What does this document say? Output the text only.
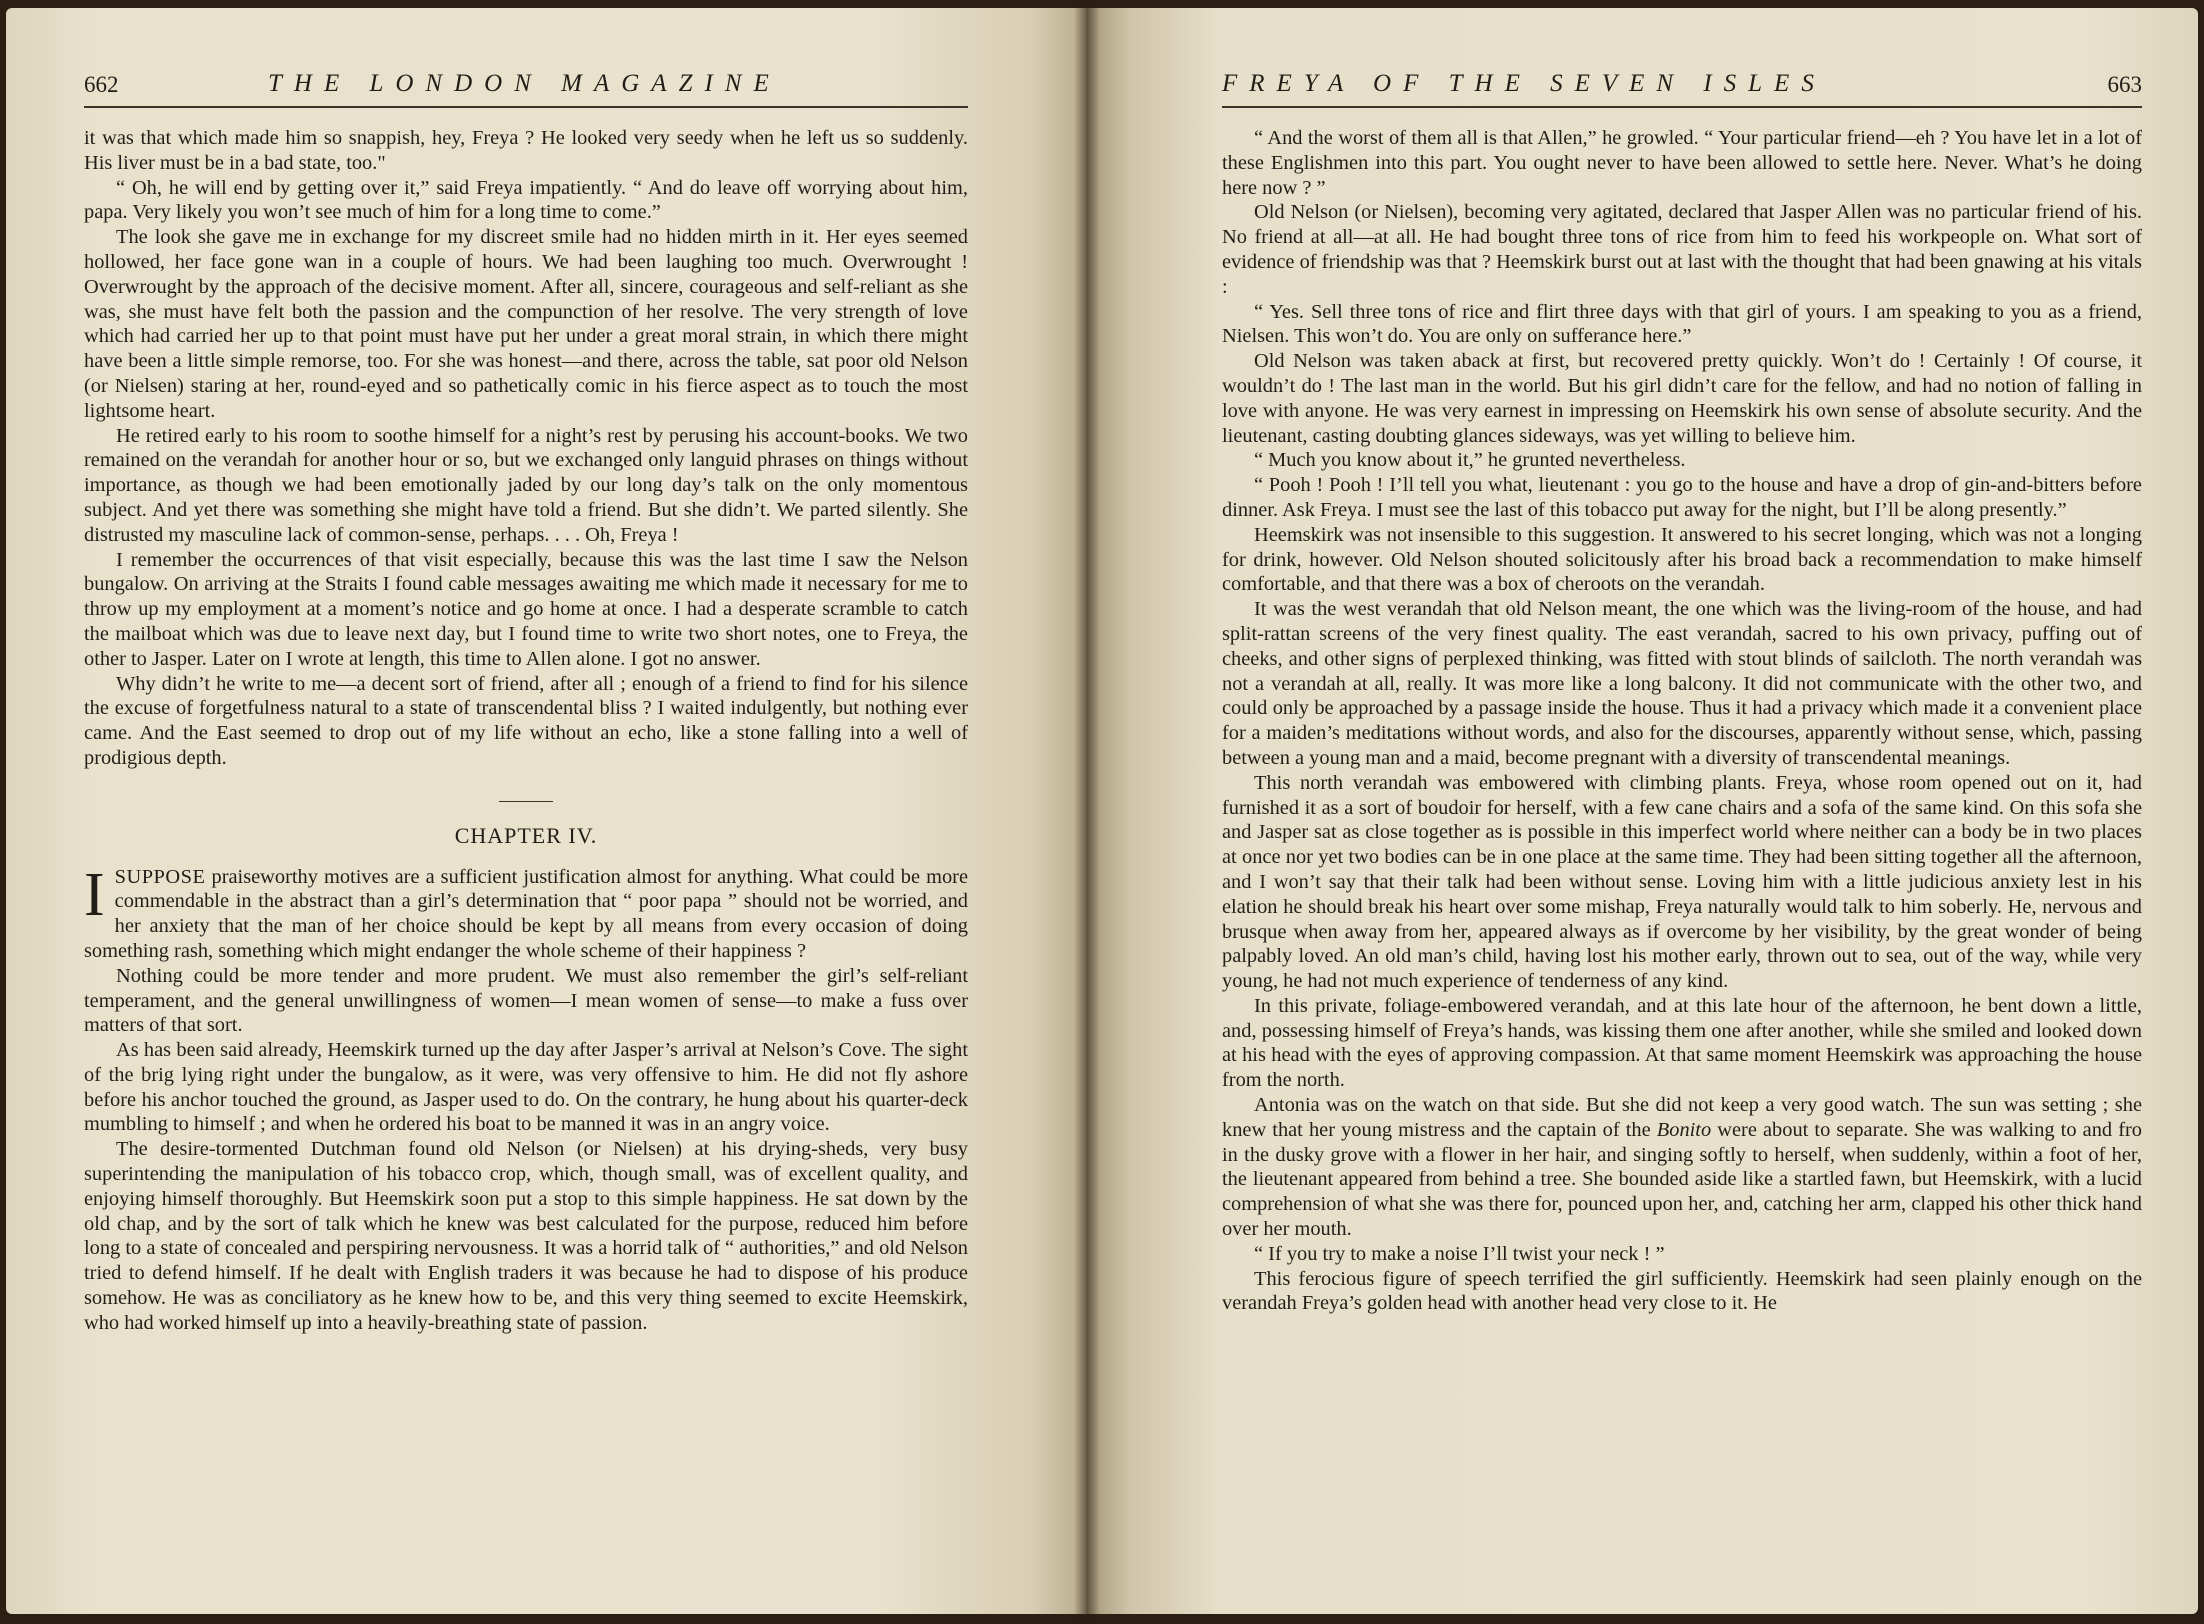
662	THE LONDON MAGAZINE

it was that which made him so snappish, hey, Freya ? He looked very seedy when he left us so suddenly. His liver must be in a bad state, too."

“ Oh, he will end by getting over it,” said Freya impatiently. “ And do leave off worrying about him, papa. Very likely you won’t see much of him for a long time to come.”

The look she gave me in exchange for my discreet smile had no hidden mirth in it. Her eyes seemed hollowed, her face gone wan in a couple of hours. We had been laughing too much. Overwrought ! Overwrought by the approach of the decisive moment. After all, sincere, courageous and self-reliant as she was, she must have felt both the passion and the compunction of her resolve. The very strength of love which had carried her up to that point must have put her under a great moral strain, in which there might have been a little simple remorse, too. For she was honest—and there, across the table, sat poor old Nelson (or Nielsen) staring at her, round-eyed and so pathetically comic in his fierce aspect as to touch the most lightsome heart.

He retired early to his room to soothe himself for a night’s rest by perusing his account-books. We two remained on the verandah for another hour or so, but we exchanged only languid phrases on things without importance, as though we had been emotionally jaded by our long day’s talk on the only momentous subject. And yet there was something she might have told a friend. But she didn’t. We parted silently. She distrusted my masculine lack of common-sense, perhaps. . . . Oh, Freya !

I remember the occurrences of that visit especially, because this was the last time I saw the Nelson bungalow. On arriving at the Straits I found cable messages awaiting me which made it necessary for me to throw up my employment at a moment’s notice and go home at once. I had a desperate scramble to catch the mailboat which was due to leave next day, but I found time to write two short notes, one to Freya, the other to Jasper. Later on I wrote at length, this time to Allen alone. I got no answer.

Why didn’t he write to me—a decent sort of friend, after all ; enough of a friend to find for his silence the excuse of forgetfulness natural to a state of transcendental bliss ? I waited indulgently, but nothing ever came. And the East seemed to drop out of my life without an echo, like a stone falling into a well of prodigious depth.

CHAPTER IV.

ISUPPOSE praiseworthy motives are a sufficient justification almost for anything. What could be more commendable in the abstract than a girl’s determination that “ poor papa ” should not be worried, and her anxiety that the man of her choice should be kept by all means from every occasion of doing something rash, something which might endanger the whole scheme of their happiness ?

Nothing could be more tender and more prudent. We must also remember the girl’s self-reliant temperament, and the general unwillingness of women—I mean women of sense—to make a fuss over matters of that sort.

As has been said already, Heemskirk turned up the day after Jasper’s arrival at Nelson’s Cove. The sight of the brig lying right under the bungalow, as it were, was very offensive to him. He did not fly ashore before his anchor touched the ground, as Jasper used to do. On the contrary, he hung about his quarter-deck mumbling to himself ; and when he ordered his boat to be manned it was in an angry voice.

The desire-tormented Dutchman found old Nelson (or Nielsen) at his drying-sheds, very busy superintending the manipulation of his tobacco crop, which, though small, was of excellent quality, and enjoying himself thoroughly. But Heemskirk soon put a stop to this simple happiness. He sat down by the old chap, and by the sort of talk which he knew was best calculated for the purpose, reduced him before long to a state of concealed and perspiring nervousness. It was a horrid talk of “ authorities,” and old Nelson tried to defend himself. If he dealt with English traders it was because he had to dispose of his produce somehow. He was as conciliatory as he knew how to be, and this very thing seemed to excite Heemskirk, who had worked himself up into a heavily-breathing state of passion.

FREYA OF THE SEVEN ISLES	663

“ And the worst of them all is that Allen,” he growled. “ Your particular friend—eh ? You have let in a lot of these Englishmen into this part. You ought never to have been allowed to settle here. Never. What’s he doing here now ? ”

Old Nelson (or Nielsen), becoming very agitated, declared that Jasper Allen was no particular friend of his. No friend at all—at all. He had bought three tons of rice from him to feed his workpeople on. What sort of evidence of friendship was that ? Heemskirk burst out at last with the thought that had been gnawing at his vitals :

“ Yes. Sell three tons of rice and flirt three days with that girl of yours. I am speaking to you as a friend, Nielsen. This won’t do. You are only on sufferance here.”

Old Nelson was taken aback at first, but recovered pretty quickly. Won’t do ! Certainly ! Of course, it wouldn’t do ! The last man in the world. But his girl didn’t care for the fellow, and had no notion of falling in love with anyone. He was very earnest in impressing on Heemskirk his own sense of absolute security. And the lieutenant, casting doubting glances sideways, was yet willing to believe him.

“ Much you know about it,” he grunted nevertheless.

“ Pooh ! Pooh ! I’ll tell you what, lieutenant : you go to the house and have a drop of gin-and-bitters before dinner. Ask Freya. I must see the last of this tobacco put away for the night, but I’ll be along presently.”

Heemskirk was not insensible to this suggestion. It answered to his secret longing, which was not a longing for drink, however. Old Nelson shouted solicitously after his broad back a recommendation to make himself comfortable, and that there was a box of cheroots on the verandah.

It was the west verandah that old Nelson meant, the one which was the living-room of the house, and had split-rattan screens of the very finest quality. The east verandah, sacred to his own privacy, puffing out of cheeks, and other signs of perplexed thinking, was fitted with stout blinds of sailcloth. The north verandah was not a verandah at all, really. It was more like a long balcony. It did not communicate with the other two, and could only be approached by a passage inside the house. Thus it had a privacy which made it a convenient place for a maiden’s meditations without words, and also for the discourses, apparently without sense, which, passing between a young man and a maid, become pregnant with a diversity of transcendental meanings.

This north verandah was embowered with climbing plants. Freya, whose room opened out on it, had furnished it as a sort of boudoir for herself, with a few cane chairs and a sofa of the same kind. On this sofa she and Jasper sat as close together as is possible in this imperfect world where neither can a body be in two places at once nor yet two bodies can be in one place at the same time. They had been sitting together all the afternoon, and I won’t say that their talk had been without sense. Loving him with a little judicious anxiety lest in his elation he should break his heart over some mishap, Freya naturally would talk to him soberly. He, nervous and brusque when away from her, appeared always as if overcome by her visibility, by the great wonder of being palpably loved. An old man’s child, having lost his mother early, thrown out to sea, out of the way, while very young, he had not much experience of tenderness of any kind.

In this private, foliage-embowered verandah, and at this late hour of the afternoon, he bent down a little, and, possessing himself of Freya’s hands, was kissing them one after another, while she smiled and looked down at his head with the eyes of approving compassion. At that same moment Heemskirk was approaching the house from the north.

Antonia was on the watch on that side. But she did not keep a very good watch. The sun was setting ; she knew that her young mistress and the captain of the Bonito were about to separate. She was walking to and fro in the dusky grove with a flower in her hair, and singing softly to herself, when suddenly, within a foot of her, the lieutenant appeared from behind a tree. She bounded aside like a startled fawn, but Heemskirk, with a lucid comprehension of what she was there for, pounced upon her, and, catching her arm, clapped his other thick hand over her mouth.

“ If you try to make a noise I’ll twist your neck ! ”

This ferocious figure of speech terrified the girl sufficiently. Heemskirk had seen plainly enough on the verandah Freya’s golden head with another head very close to it. He
